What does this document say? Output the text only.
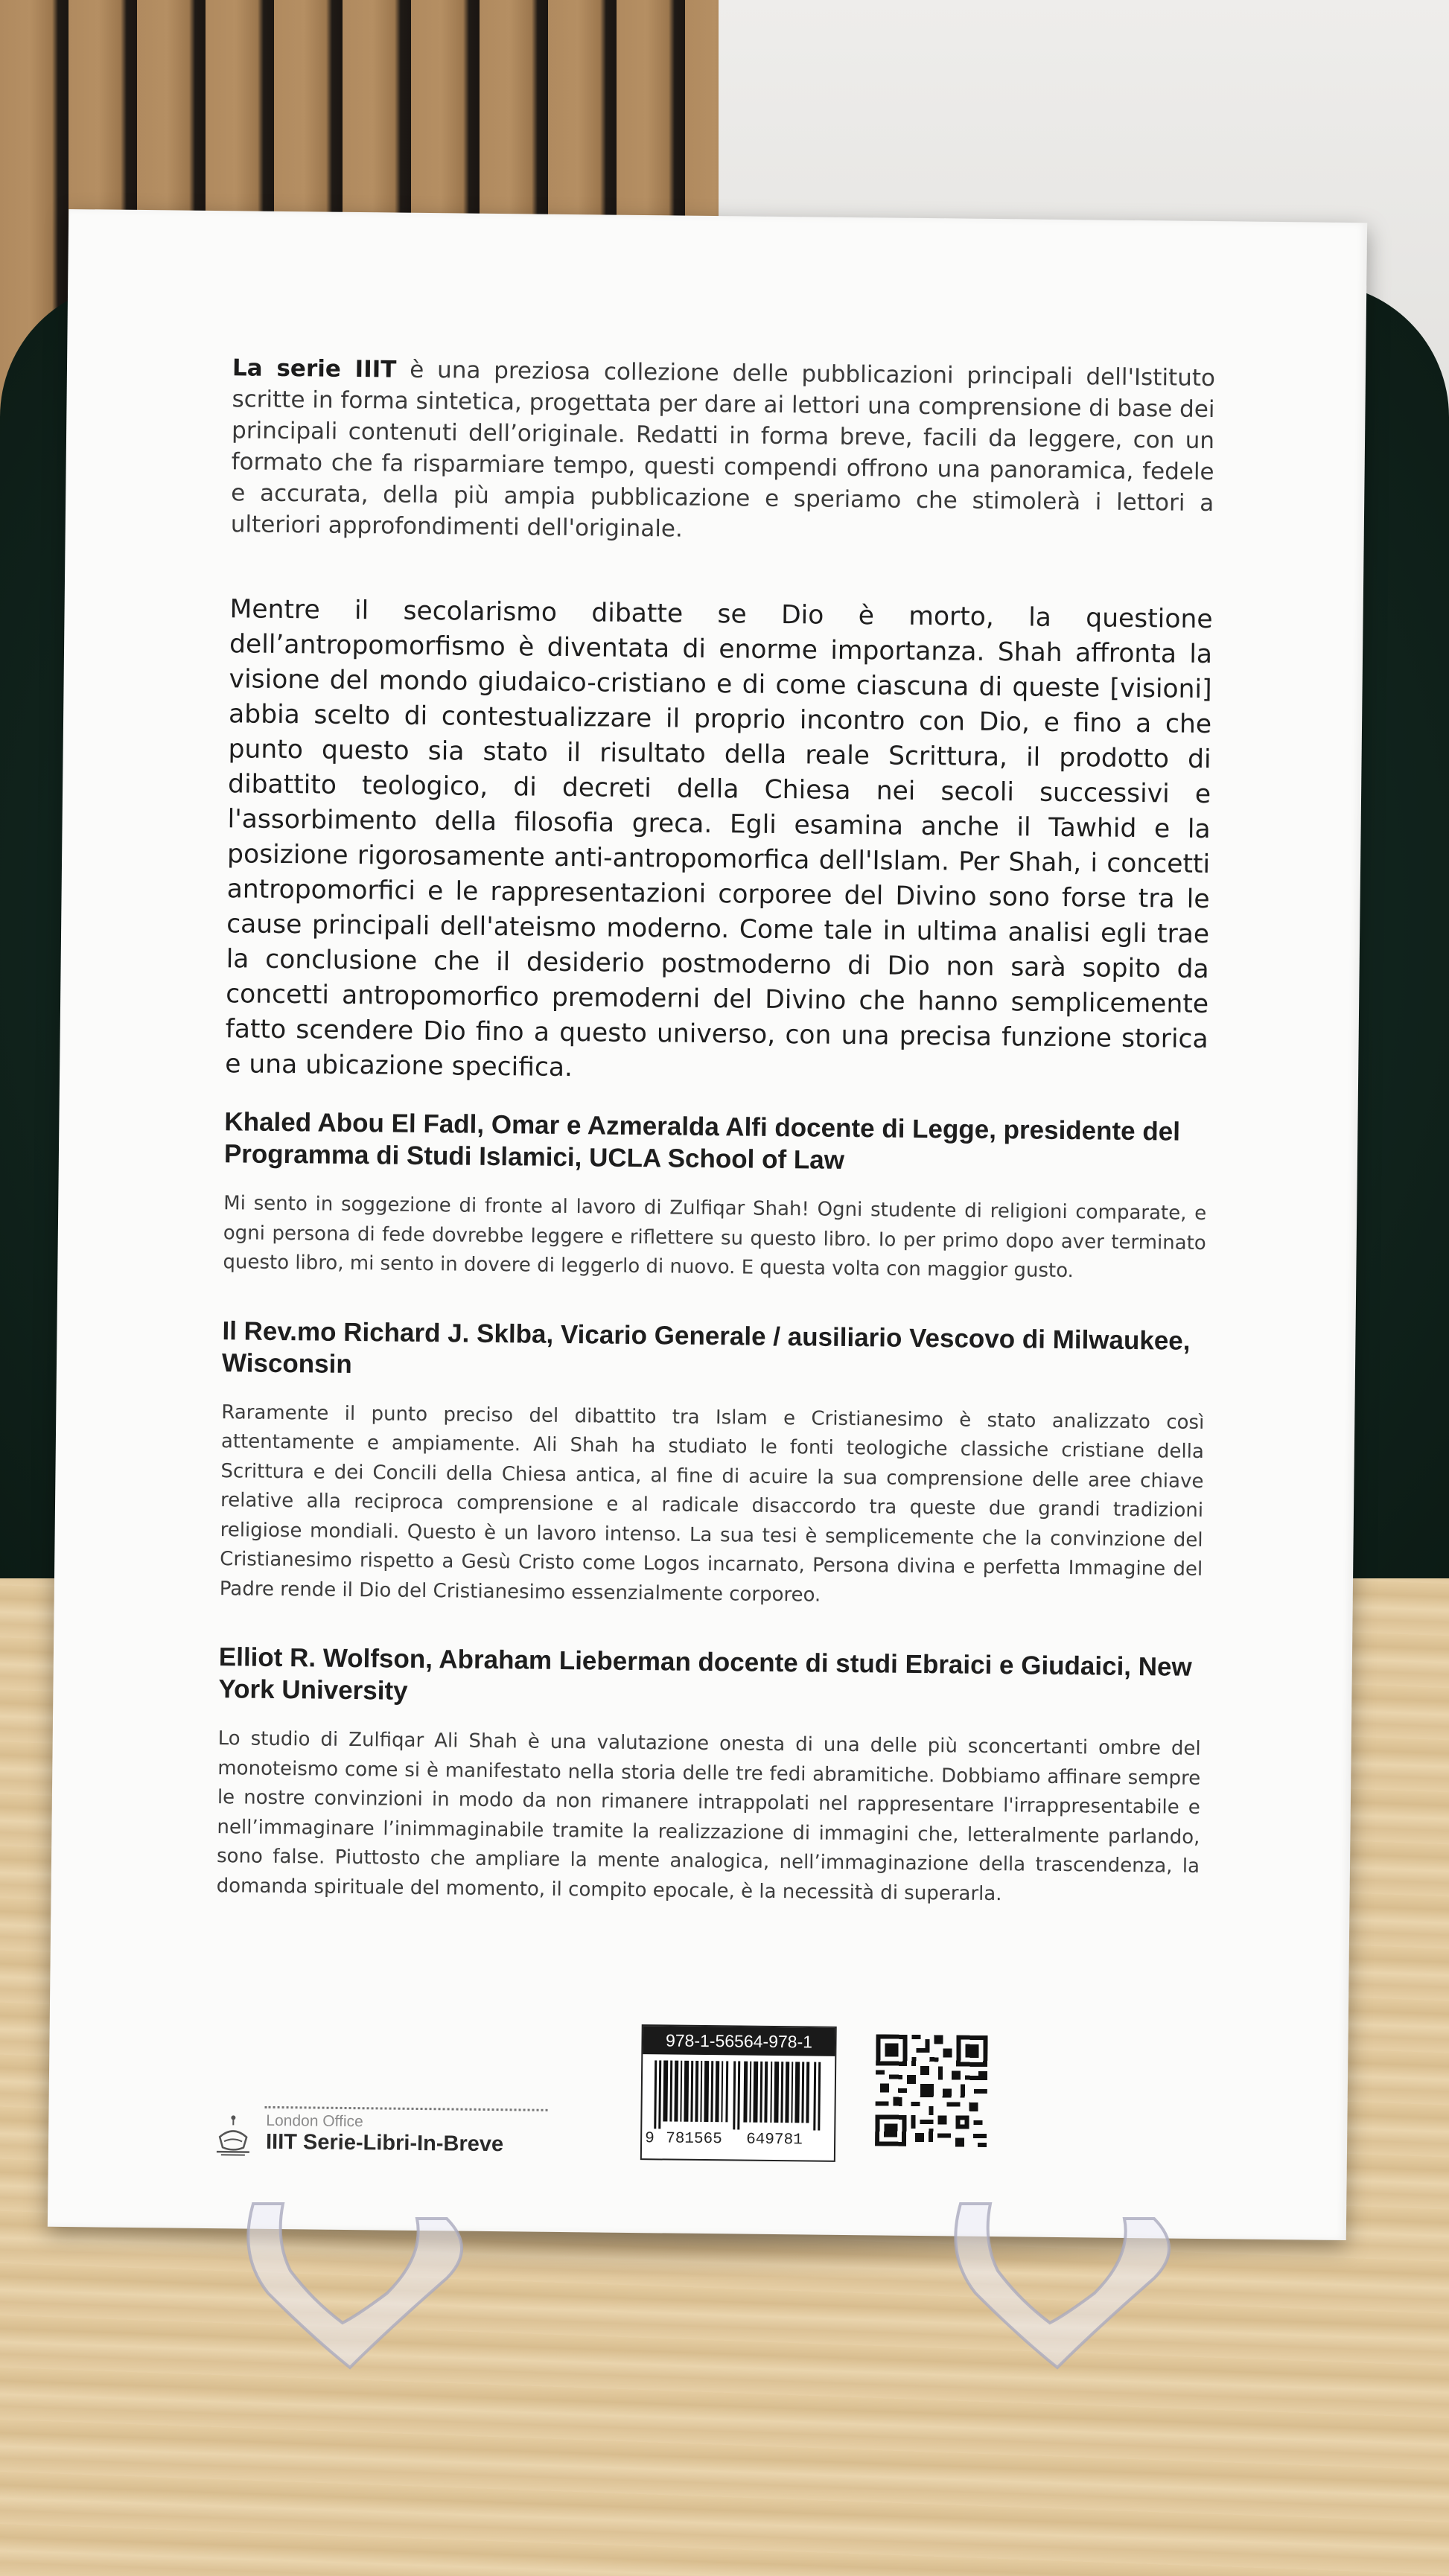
La serie IIIT è una preziosa collezione delle pubblicazioni principali dell'Istituto scritte in forma sintetica, progettata per dare ai lettori una comprensione di base dei principali contenuti dell’originale. Redatti in forma breve, facili da leggere, con un formato che fa risparmiare tempo, questi compendi offrono una panoramica, fedele e accurata, della più ampia pubblicazione e speriamo che stimolerà i lettori a ulteriori approfondimenti dell'originale.

Mentre il secolarismo dibatte se Dio è morto, la questione dell’antropomorfismo è diventata di enorme importanza. Shah affronta la visione del mondo giudaico-cristiano e di come ciascuna di queste [visioni] abbia scelto di contestualizzare il proprio incontro con Dio, e fino a che punto questo sia stato il risultato della reale Scrittura, il prodotto di dibattito teologico, di decreti della Chiesa nei secoli successivi e l'assorbimento della filosofia greca. Egli esamina anche il Tawhid e la posizione rigorosamente anti-antropomorfica dell'Islam. Per Shah, i concetti antropomorfici e le rappresentazioni corporee del Divino sono forse tra le cause principali dell'ateismo moderno. Come tale in ultima analisi egli trae la conclusione che il desiderio postmoderno di Dio non sarà sopito da concetti antropomorfico premoderni del Divino che hanno semplicemente fatto scendere Dio fino a questo universo, con una precisa funzione storica e una ubicazione specifica.

Khaled Abou El Fadl, Omar e Azmeralda Alfi docente di Legge, presidente del Programma di Studi Islamici, UCLA School of Law
Mi sento in soggezione di fronte al lavoro di Zulfiqar Shah! Ogni studente di religioni comparate, e ogni persona di fede dovrebbe leggere e riflettere su questo libro. Io per primo dopo aver terminato questo libro, mi sento in dovere di leggerlo di nuovo. E questa volta con maggior gusto.
Il Rev.mo Richard J. Sklba, Vicario Generale / ausiliario Vescovo di Milwaukee, Wisconsin
Raramente il punto preciso del dibattito tra Islam e Cristianesimo è stato analizzato così attentamente e ampiamente. Ali Shah ha studiato le fonti teologiche classiche cristiane della Scrittura e dei Concili della Chiesa antica, al fine di acuire la sua comprensione delle aree chiave relative alla reciproca comprensione e al radicale disaccordo tra queste due grandi tradizioni religiose mondiali. Questo è un lavoro intenso. La sua tesi è semplicemente che la convinzione del Cristianesimo rispetto a Gesù Cristo come Logos incarnato, Persona divina e perfetta Immagine del Padre rende il Dio del Cristianesimo essenzialmente corporeo.
Elliot R. Wolfson, Abraham Lieberman docente di studi Ebraici e Giudaici, New York University
Lo studio di Zulfiqar Ali Shah è una valutazione onesta di una delle più sconcertanti ombre del monoteismo come si è manifestato nella storia delle tre fedi abramitiche. Dobbiamo affinare sempre le nostre convinzioni in modo da non rimanere intrappolati nel rappresentare l'irrappresentabile e nell’immaginare l’inimmaginabile tramite la realizzazione di immagini che, letteralmente parlando, sono false. Piuttosto che ampliare la mente analogica, nell’immaginazione della trascendenza, la domanda spirituale del momento, il compito epocale, è la necessità di superarla.
London Office
IIIT Serie-Libri-In-Breve
978-1-56564-978-1
9 781565 649781
